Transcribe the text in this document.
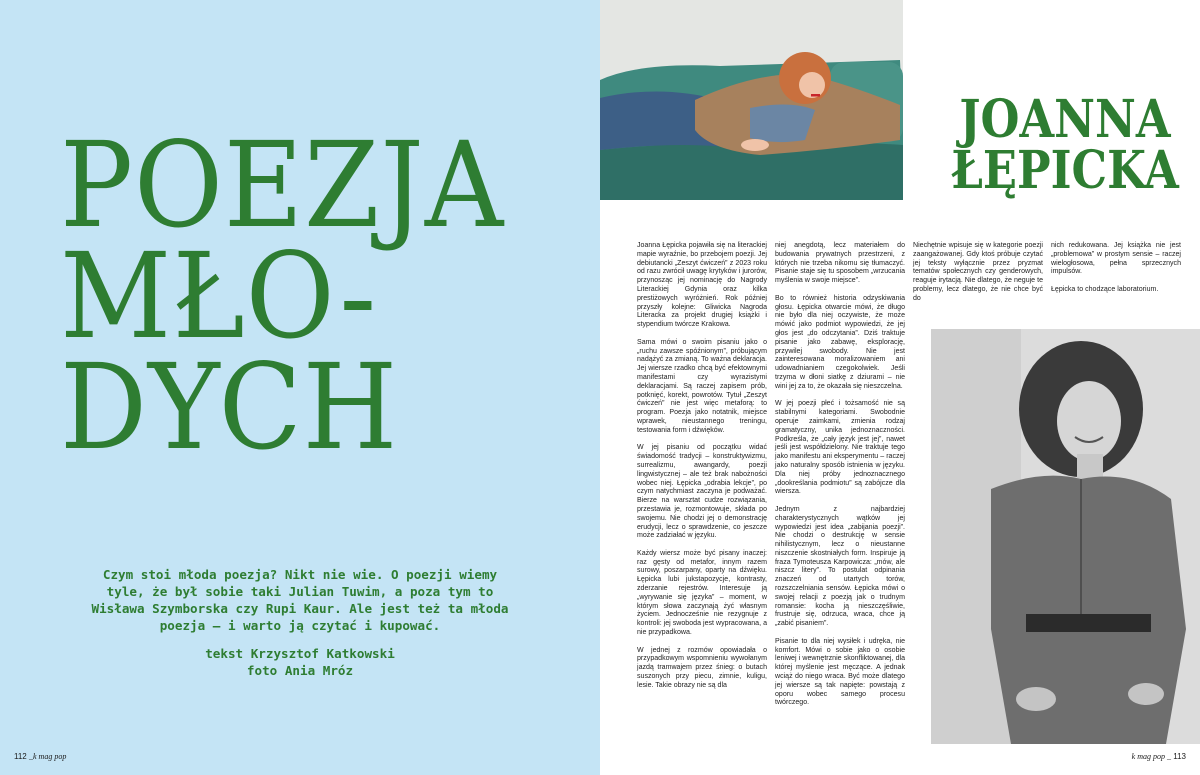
POEZJA
MŁO-
DYCH

Czym stoi młoda poezja? Nikt nie wie. O poezji wiemy tyle, że był sobie taki Julian Tuwim, a poza tym to Wisława Szymborska czy Rupi Kaur. Ale jest też ta młoda poezja – i warto ją czytać i kupować.

tekst Krzysztof Katkowski
foto Ania Mróz
112 _k mag pop
JOANNA
ŁĘPICKA

Joanna Łępicka pojawiła się na literackiej mapie wyraźnie, bo przebojem poezji. Jej debiutancki „Zeszyt ćwiczeń” z 2023 roku od razu zwrócił uwagę krytyków i jurorów, przynosząc jej nominację do Nagrody Literackiej Gdynia oraz kilka prestiżowych wyróżnień. Rok później przyszły kolejne: Gliwicka Nagroda Literacka za projekt drugiej książki i stypendium twórcze Krakowa.

Sama mówi o swoim pisaniu jako o „ruchu zawsze spóźnionym”, próbującym nadążyć za zmianą. To ważna deklaracja. Jej wiersze rzadko chcą być efektownymi manifestami czy wyrazistymi deklaracjami. Są raczej zapisem prób, potknięć, korekt, powrotów. Tytuł „Zeszyt ćwiczeń” nie jest więc metaforą: to program. Poezja jako notatnik, miejsce wprawek, nieustannego treningu, testowania form i dźwięków.

W jej pisaniu od początku widać świadomość tradycji – konstruktywizmu, surrealizmu, awangardy, poezji lingwistycznej – ale też brak nabożności wobec niej. Łępicka „odrabia lekcje”, po czym natychmiast zaczyna je podważać. Bierze na warsztat cudze rozwiązania, przestawia je, rozmontowuje, składa po swojemu. Nie chodzi jej o demonstrację erudycji, lecz o sprawdzenie, co jeszcze może zadziałać w języku.

Każdy wiersz może być pisany inaczej: raz gęsty od metafor, innym razem surowy, poszarpany, oparty na dźwięku. Łępicka lubi jukstapozycje, kontrasty, zderzanie rejestrów. Interesuje ją „wyrywanie się języka” – moment, w którym słowa zaczynają żyć własnym życiem. Jednocześnie nie rezygnuje z kontroli: jej swoboda jest wypracowana, a nie przypadkowa.

W jednej z rozmów opowiadała o przypadkowym wspomnieniu wywołanym jazdą tramwajem przez śnieg: o butach suszonych przy piecu, zimnie, kuligu, lesie. Takie obrazy nie są dla

niej anegdotą, lecz materiałem do budowania prywatnych przestrzeni, z których nie trzeba nikomu się tłumaczyć. Pisanie staje się tu sposobem „wrzucania myślenia w swoje miejsce”.

Bo to również historia odzyskiwania głosu. Łępicka otwarcie mówi, że długo nie było dla niej oczywiste, że może mówić jako podmiot wypowiedzi, że jej głos jest „do odczytania”. Dziś traktuje pisanie jako zabawę, eksplorację, przywilej swobody. Nie jest zainteresowana moralizowaniem ani udowadnianiem czegokolwiek. Jeśli trzyma w dłoni siatkę z dziurami – nie wini jej za to, że okazała się nieszczelna.

W jej poezji płeć i tożsamość nie są stabilnymi kategoriami. Swobodnie operuje zaimkami, zmienia rodzaj gramatyczny, unika jednoznaczności. Podkreśla, że „cały język jest jej”, nawet jeśli jest współdzielony. Nie traktuje tego jako manifestu ani eksperymentu – raczej jako naturalny sposób istnienia w języku. Dla niej próby jednoznacznego „dookreślania podmiotu” są zabójcze dla wiersza.

Jednym z najbardziej charakterystycznych wątków jej wypowiedzi jest idea „zabijania poezji”. Nie chodzi o destrukcję w sensie nihilistycznym, lecz o nieustanne niszczenie skostniałych form. Inspiruje ją fraza Tymoteusza Karpowicza: „mów, ale niszcz litery”. To postulat odpinania znaczeń od utartych torów, rozszczelniania sensów. Łępicka mówi o swojej relacji z poezją jak o trudnym romansie: kocha ją nieszczęśliwie, frustruje się, odrzuca, wraca, chce ją „zabić pisaniem”.

Pisanie to dla niej wysiłek i udręka, nie komfort. Mówi o sobie jako o osobie leniwej i wewnętrznie skonfliktowanej, dla której myślenie jest męczące. A jednak wciąż do niego wraca. Być może dlatego jej wiersze są tak napięte: powstają z oporu wobec samego procesu twórczego.

Niechętnie wpisuje się w kategorie poezji zaangażowanej. Gdy ktoś próbuje czytać jej teksty wyłącznie przez pryzmat tematów społecznych czy genderowych, reaguje irytacją. Nie dlatego, że neguje te problemy, lecz dlatego, że nie chce być do

nich redukowana. Jej książka nie jest „problemowa” w prostym sensie – raczej wielogłosowa, pełna sprzecznych impulsów.

Łępicka to chodzące laboratorium.

k mag pop _ 113
